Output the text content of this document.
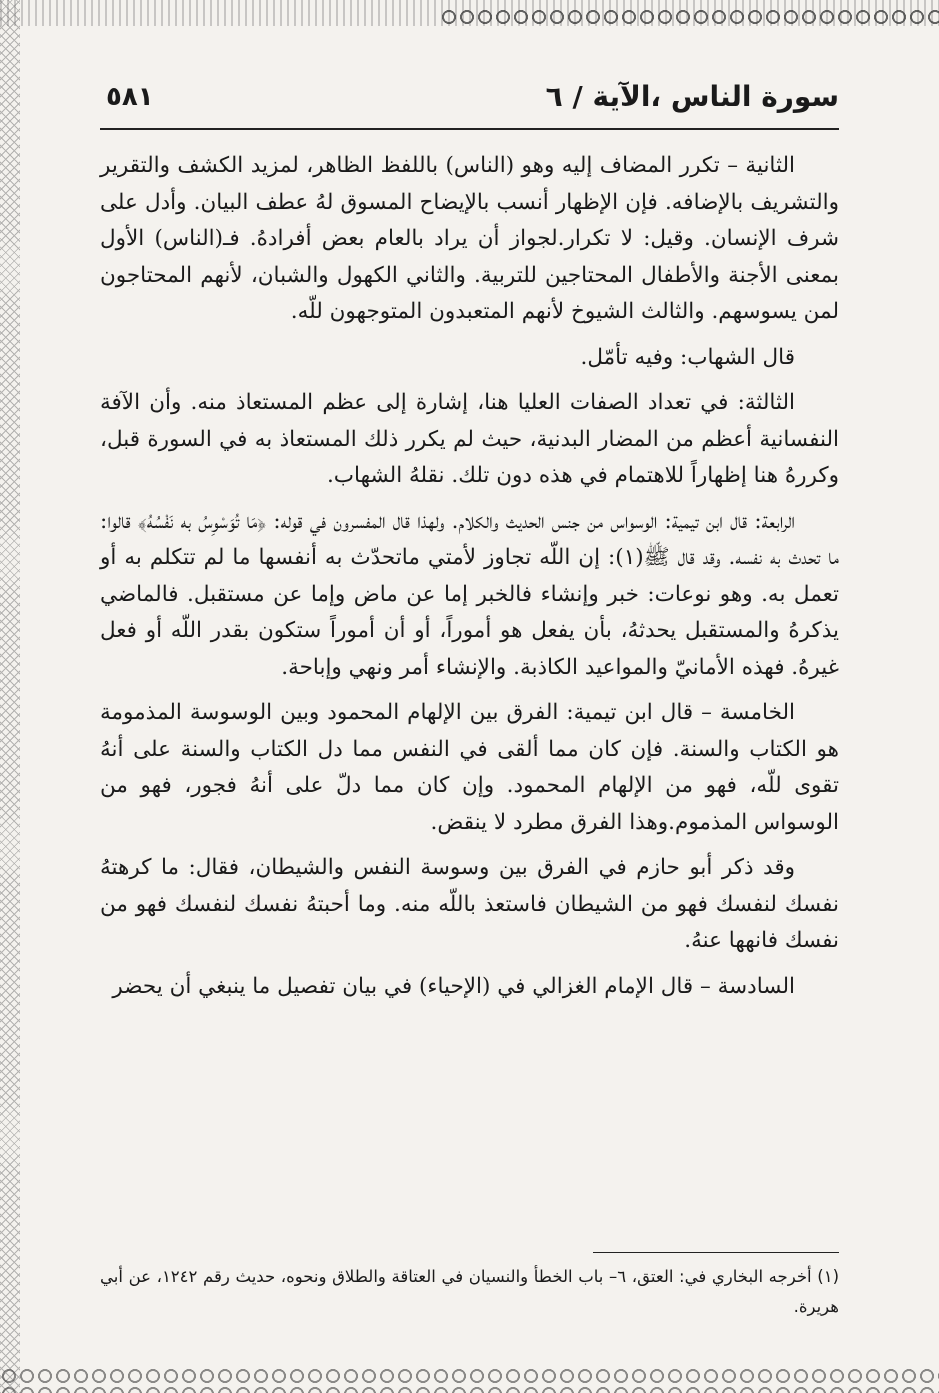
٥٨١	سورة الناس ،الآية / ٦

الثانية – تكرر المضاف إليه وهو (الناس) باللفظ الظاهر، لمزيد الكشف والتقرير والتشريف بالإضافه. فإن الإظهار أنسب بالإيضاح المسوق لهُ عطف البيان. وأدل على شرف الإنسان. وقيل: لا تكرار.لجواز أن يراد بالعام بعض أفرادهُ. فـ(الناس) الأول بمعنى الأجنة والأطفال المحتاجين للتربية. والثاني الكهول والشبان، لأنهم المحتاجون لمن يسوسهم. والثالث الشيوخ لأنهم المتعبدون المتوجهون للّه.

قال الشهاب: وفيه تأمّل.

الثالثة: في تعداد الصفات العليا هنا، إشارة إلى عظم المستعاذ منه. وأن الآفة النفسانية أعظم من المضار البدنية، حيث لم يكرر ذلك المستعاذ به في السورة قبل، وكررهُ هنا إظهاراً للاهتمام في هذه دون تلك. نقلهُ الشهاب.

الرابعة: قال ابن تيمية: الوسواس من جنس الحديث والكلام. ولهذا قال المفسرون في قوله: ﴿مَا تُوَسْوِسُ به نَفْسُهُ﴾ قالوا: ما تحدث به نفسه. وقد قال ﷺ(١): إن اللّه تجاوز لأمتي ماتحدّث به أنفسها ما لم تتكلم به أو تعمل به. وهو نوعات: خبر وإنشاء فالخبر إما عن ماض وإما عن مستقبل. فالماضي يذكرهُ والمستقبل يحدثهُ، بأن يفعل هو أموراً، أو أن أموراً ستكون بقدر اللّه أو فعل غيرهُ. فهذه الأمانيّ والمواعيد الكاذبة. والإنشاء أمر ونهي وإباحة.

الخامسة – قال ابن تيمية: الفرق بين الإلهام المحمود وبين الوسوسة المذمومة هو الكتاب والسنة. فإن كان مما ألقى في النفس مما دل الكتاب والسنة على أنهُ تقوى للّه، فهو من الإلهام المحمود. وإن كان مما دلّ على أنهُ فجور، فهو من الوسواس المذموم.وهذا الفرق مطرد لا ينقض.

وقد ذكر أبو حازم في الفرق بين وسوسة النفس والشيطان، فقال: ما كرهتهُ نفسك لنفسك فهو من الشيطان فاستعذ باللّه منه. وما أحبتهُ نفسك لنفسك فهو من نفسك فانهها عنهُ.

السادسة – قال الإمام الغزالي في (الإحياء) في بيان تفصيل ما ينبغي أن يحضر

(١) أخرجه البخاري في: العتق، ٦– باب الخطأ والنسيان في العتاقة والطلاق ونحوه، حديث رقم ١٢٤٢، عن أبي هريرة.
